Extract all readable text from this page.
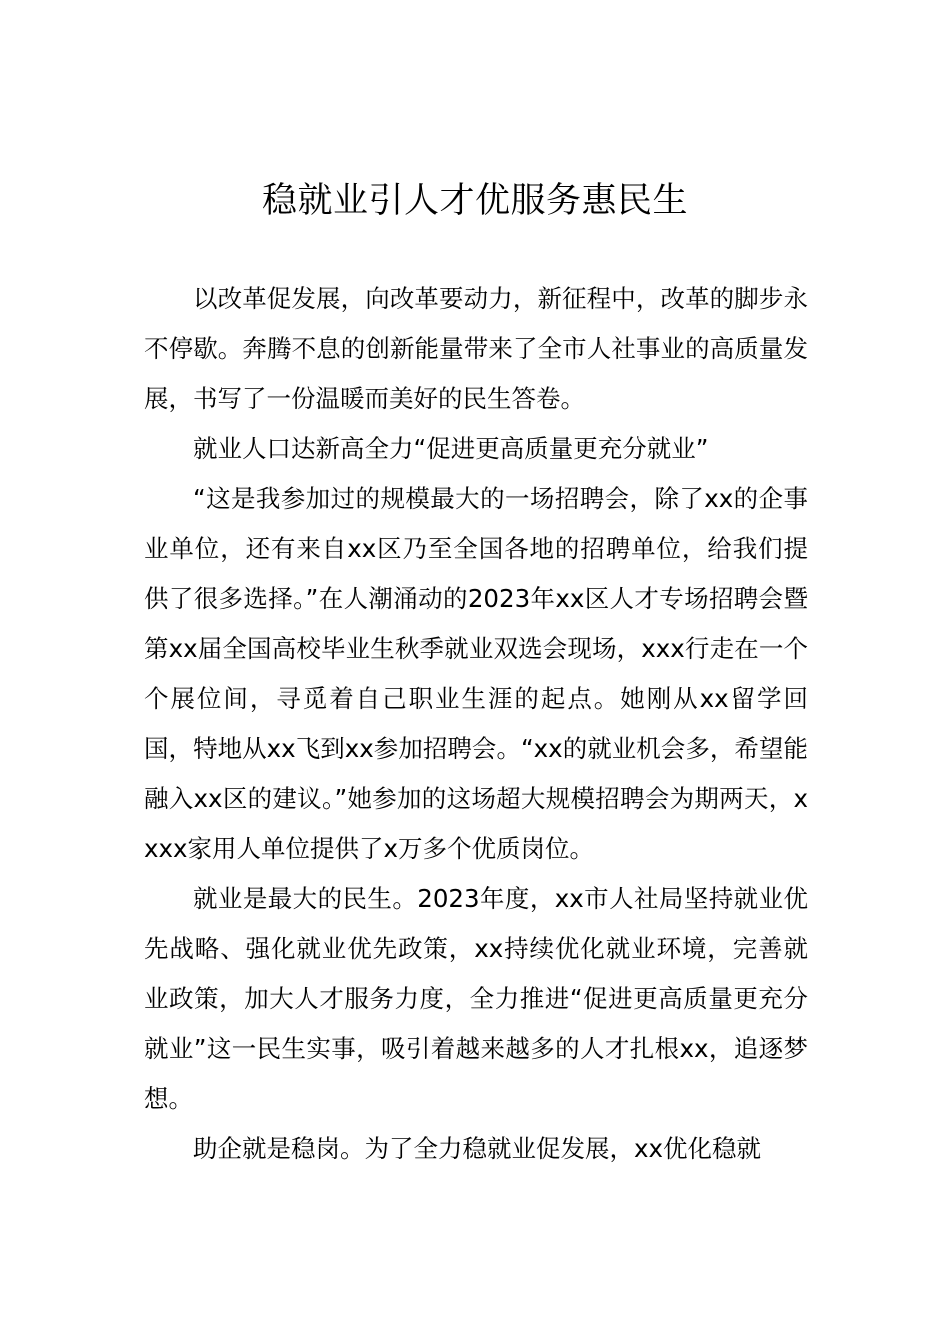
稳就业引人才优服务惠民生

以改革促发展，向改革要动力，新征程中，改革的脚步永不停歇。奔腾不息的创新能量带来了全市人社事业的高质量发展，书写了一份温暖而美好的民生答卷。

就业人口达新高全力“促进更高质量更充分就业”

“这是我参加过的规模最大的一场招聘会，除了xx的企事业单位，还有来自xx区乃至全国各地的招聘单位，给我们提供了很多选择。”在人潮涌动的2023年xx区人才专场招聘会暨第xx届全国高校毕业生秋季就业双选会现场，xxx行走在一个个展位间，寻觅着自己职业生涯的起点。她刚从xx留学回国，特地从xx飞到xx参加招聘会。“xx的就业机会多，希望能融入xx区的建议。”她参加的这场超大规模招聘会为期两天，xxxx家用人单位提供了x万多个优质岗位。

就业是最大的民生。2023年度，xx市人社局坚持就业优先战略、强化就业优先政策，xx持续优化就业环境，完善就业政策，加大人才服务力度，全力推进“促进更高质量更充分就业”这一民生实事，吸引着越来越多的人才扎根xx，追逐梦想。

助企就是稳岗。为了全力稳就业促发展，xx优化稳就
